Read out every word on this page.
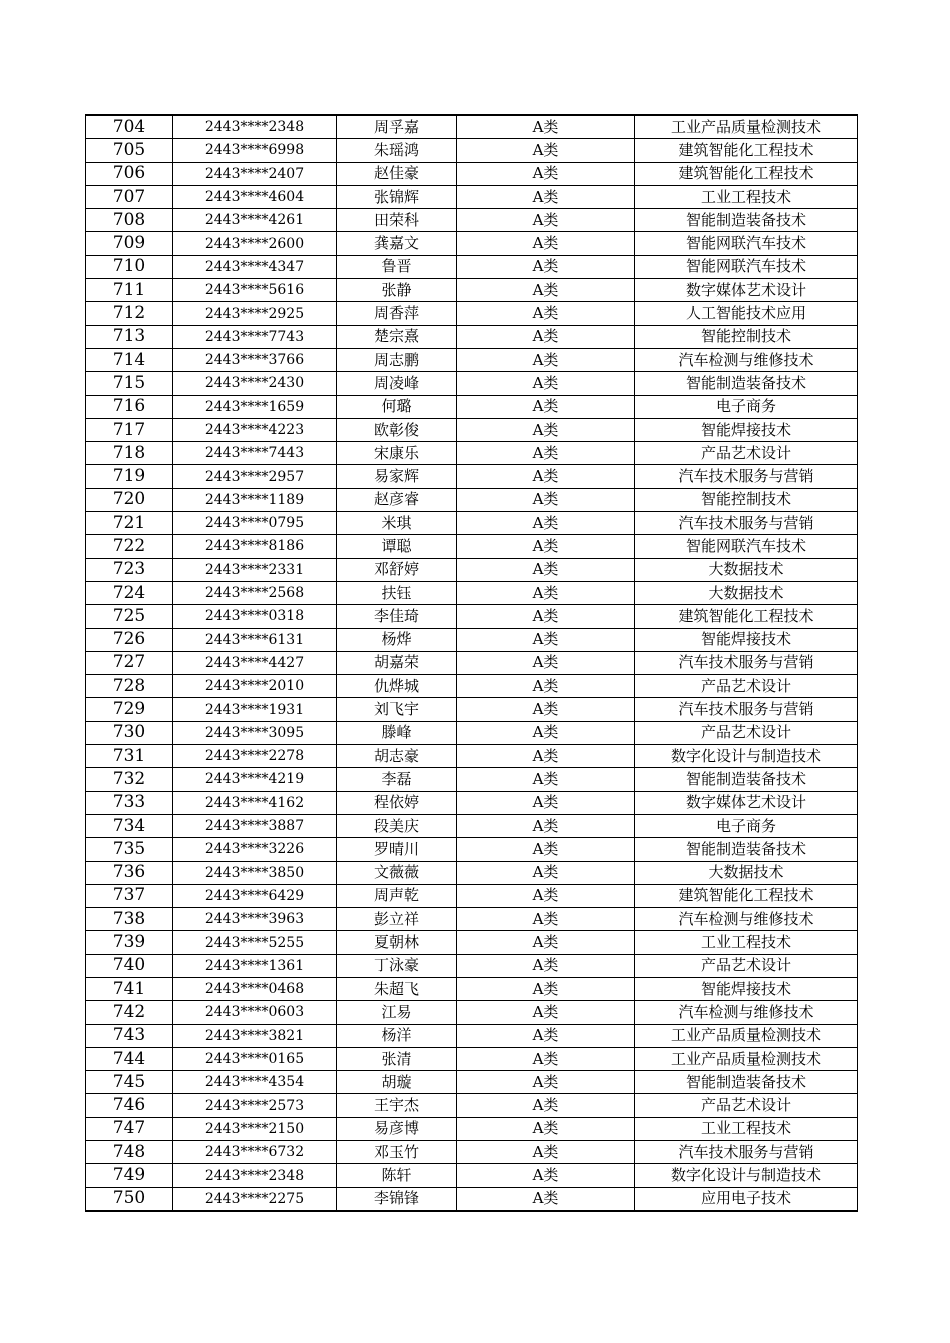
704	2443****2348	周孚嘉	A类	工业产品质量检测技术
705	2443****6998	朱瑶鸿	A类	建筑智能化工程技术
706	2443****2407	赵佳豪	A类	建筑智能化工程技术
707	2443****4604	张锦辉	A类	工业工程技术
708	2443****4261	田荣科	A类	智能制造装备技术
709	2443****2600	龚嘉文	A类	智能网联汽车技术
710	2443****4347	鲁晋	A类	智能网联汽车技术
711	2443****5616	张静	A类	数字媒体艺术设计
712	2443****2925	周香萍	A类	人工智能技术应用
713	2443****7743	楚宗熹	A类	智能控制技术
714	2443****3766	周志鹏	A类	汽车检测与维修技术
715	2443****2430	周凌峰	A类	智能制造装备技术
716	2443****1659	何璐	A类	电子商务
717	2443****4223	欧彰俊	A类	智能焊接技术
718	2443****7443	宋康乐	A类	产品艺术设计
719	2443****2957	易家辉	A类	汽车技术服务与营销
720	2443****1189	赵彦睿	A类	智能控制技术
721	2443****0795	米琪	A类	汽车技术服务与营销
722	2443****8186	谭聪	A类	智能网联汽车技术
723	2443****2331	邓舒婷	A类	大数据技术
724	2443****2568	扶钰	A类	大数据技术
725	2443****0318	李佳琦	A类	建筑智能化工程技术
726	2443****6131	杨烨	A类	智能焊接技术
727	2443****4427	胡嘉荣	A类	汽车技术服务与营销
728	2443****2010	仇烨城	A类	产品艺术设计
729	2443****1931	刘飞宇	A类	汽车技术服务与营销
730	2443****3095	滕峰	A类	产品艺术设计
731	2443****2278	胡志豪	A类	数字化设计与制造技术
732	2443****4219	李磊	A类	智能制造装备技术
733	2443****4162	程依婷	A类	数字媒体艺术设计
734	2443****3887	段美庆	A类	电子商务
735	2443****3226	罗晴川	A类	智能制造装备技术
736	2443****3850	文薇薇	A类	大数据技术
737	2443****6429	周声乾	A类	建筑智能化工程技术
738	2443****3963	彭立祥	A类	汽车检测与维修技术
739	2443****5255	夏朝林	A类	工业工程技术
740	2443****1361	丁泳豪	A类	产品艺术设计
741	2443****0468	朱超飞	A类	智能焊接技术
742	2443****0603	江易	A类	汽车检测与维修技术
743	2443****3821	杨洋	A类	工业产品质量检测技术
744	2443****0165	张清	A类	工业产品质量检测技术
745	2443****4354	胡璇	A类	智能制造装备技术
746	2443****2573	王宇杰	A类	产品艺术设计
747	2443****2150	易彦博	A类	工业工程技术
748	2443****6732	邓玉竹	A类	汽车技术服务与营销
749	2443****2348	陈轩	A类	数字化设计与制造技术
750	2443****2275	李锦锋	A类	应用电子技术
